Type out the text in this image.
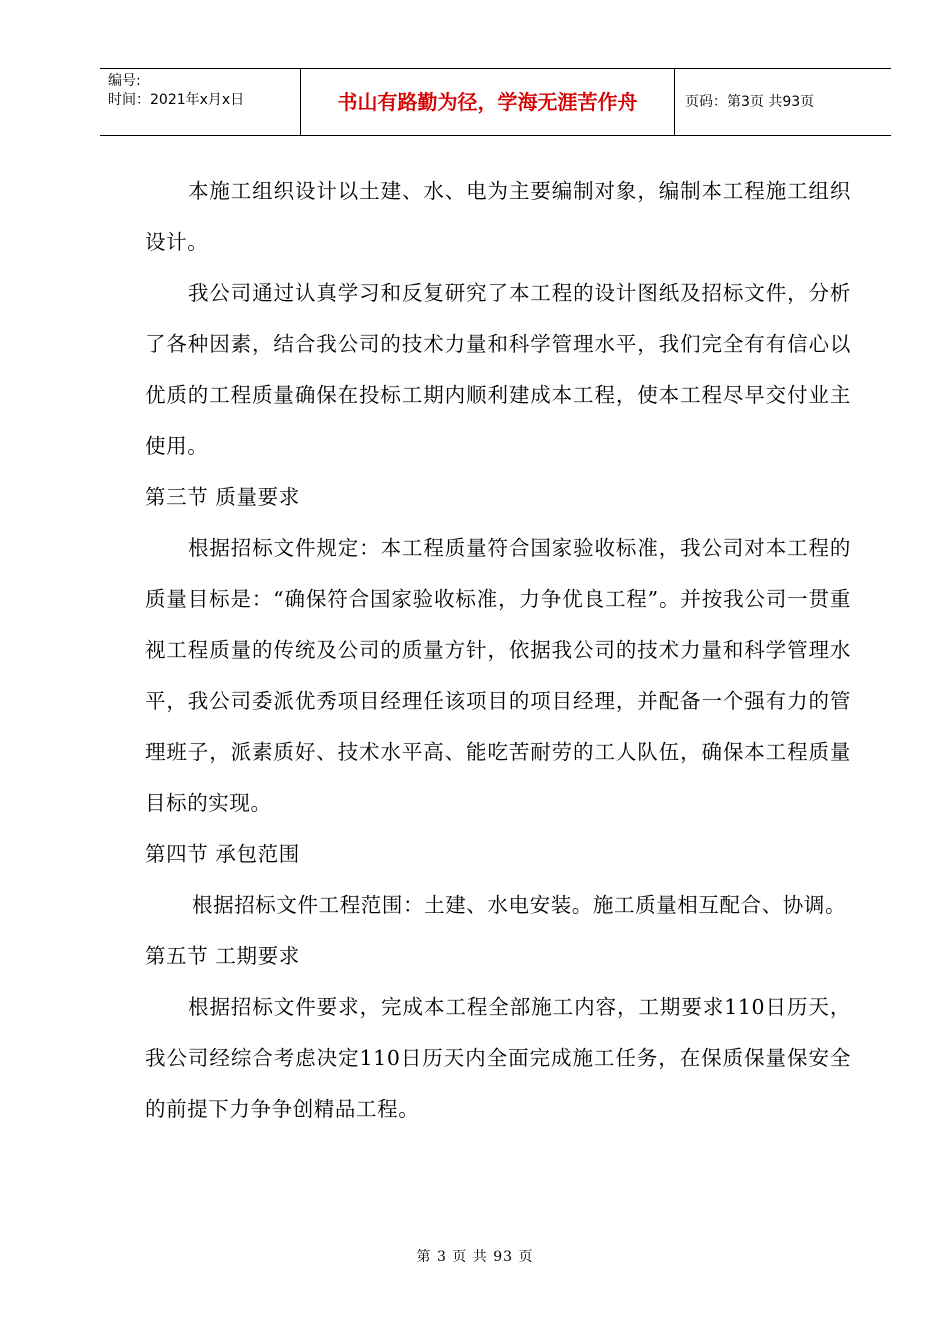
编号:
时间：2021年x月x日	书山有路勤为径，学海无涯苦作舟	页码：第3页 共93页

本施工组织设计以土建、水、电为主要编制对象，编制本工程施工组织设计。

我公司通过认真学习和反复研究了本工程的设计图纸及招标文件，分析了各种因素，结合我公司的技术力量和科学管理水平，我们完全有有信心以优质的工程质量确保在投标工期内顺利建成本工程，使本工程尽早交付业主使用。

第三节 质量要求

根据招标文件规定：本工程质量符合国家验收标准，我公司对本工程的质量目标是：“确保符合国家验收标准，力争优良工程”。并按我公司一贯重视工程质量的传统及公司的质量方针，依据我公司的技术力量和科学管理水平，我公司委派优秀项目经理任该项目的项目经理，并配备一个强有力的管理班子，派素质好、技术水平高、能吃苦耐劳的工人队伍，确保本工程质量目标的实现。

第四节 承包范围

根据招标文件工程范围：土建、水电安装。施工质量相互配合、协调。

第五节 工期要求

根据招标文件要求，完成本工程全部施工内容，工期要求110日历天，我公司经综合考虑决定110日历天内全面完成施工任务，在保质保量保安全的前提下力争争创精品工程。

第 3 页 共 93 页
